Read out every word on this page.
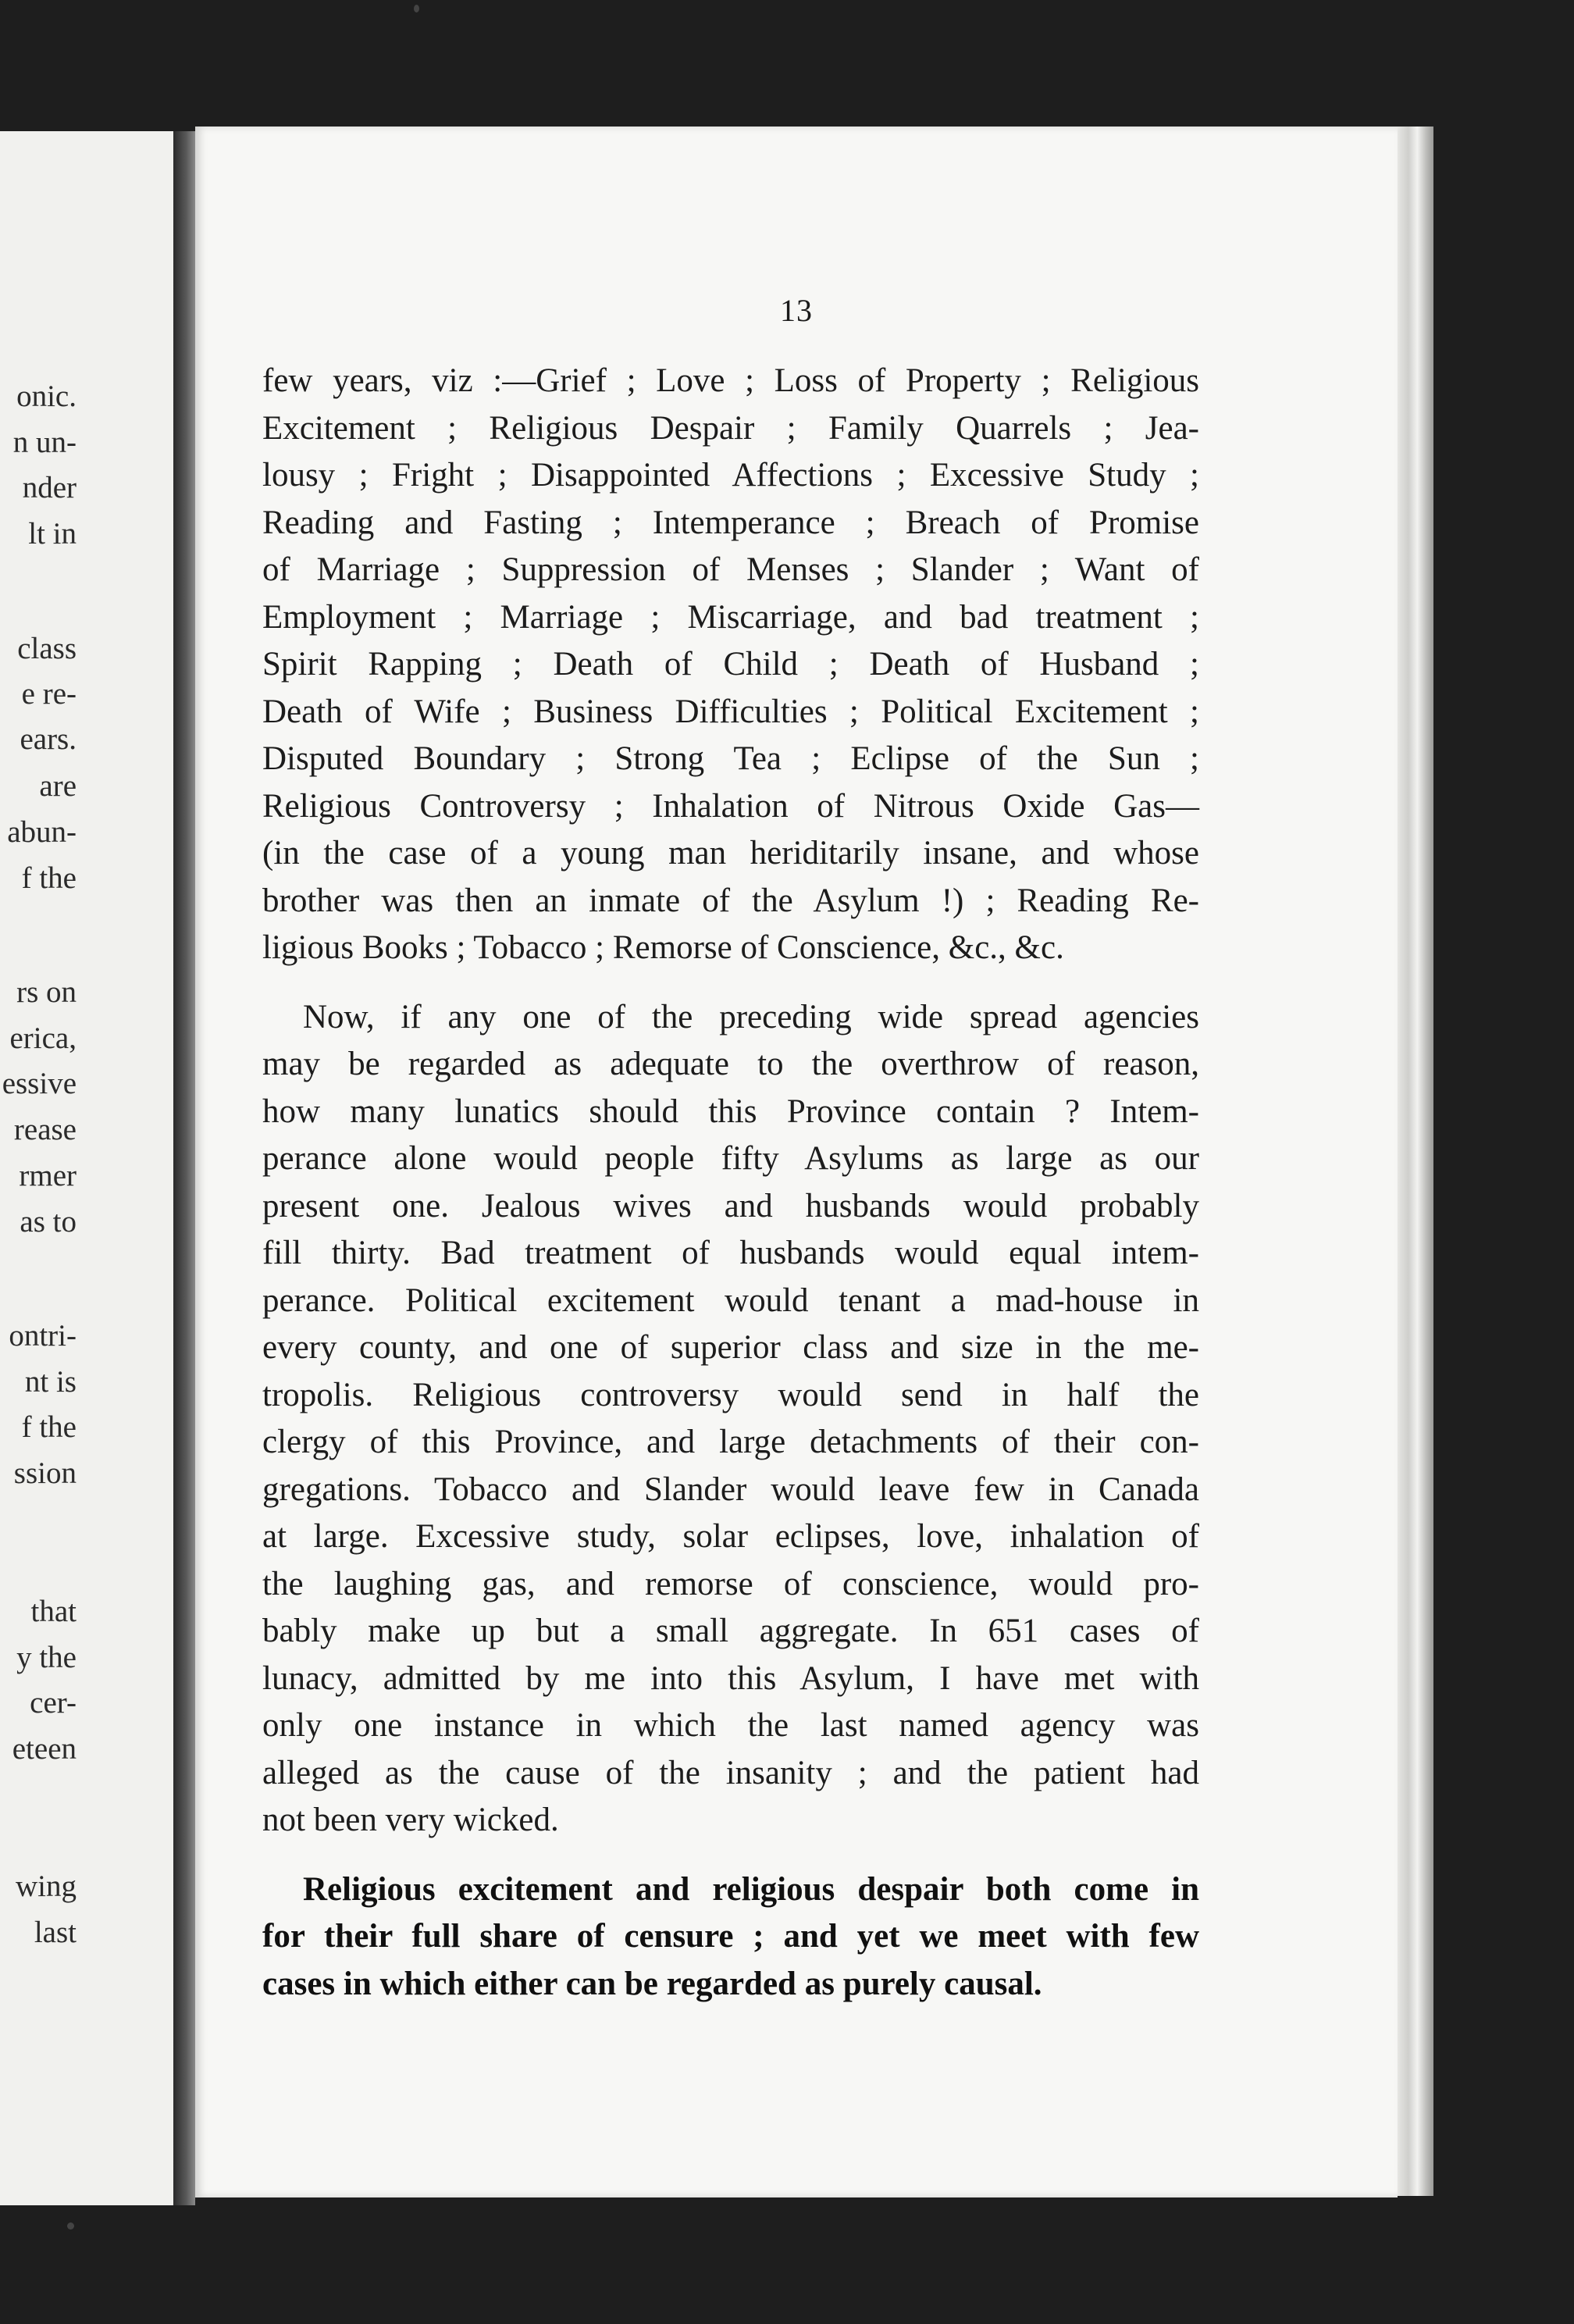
onic.
n un-
nder
lt in
class
e re-
ears.
are
abun-
f the
rs on
erica,
essive
rease
rmer
as to
ontri-
nt is
f the
ssion
that
y the
cer-
eteen
wing
last
13
few years, viz :—Grief ; Love ; Loss of Property ; Religious
Excitement ; Religious Despair ; Family Quarrels ; Jea-
lousy ; Fright ; Disappointed Affections ; Excessive Study ;
Reading and Fasting ; Intemperance ; Breach of Promise
of Marriage ; Suppression of Menses ; Slander ; Want of
Employment ; Marriage ; Miscarriage, and bad treatment ;
Spirit Rapping ; Death of Child ; Death of Husband ;
Death of Wife ; Business Difficulties ; Political Excitement ;
Disputed Boundary ; Strong Tea ; Eclipse of the Sun ;
Religious Controversy ; Inhalation of Nitrous Oxide Gas—
(in the case of a young man heriditarily insane, and whose
brother was then an inmate of the Asylum !) ; Reading Re-
ligious Books ; Tobacco ; Remorse of Conscience, &c., &c.
Now, if any one of the preceding wide spread agencies
may be regarded as adequate to the overthrow of reason,
how many lunatics should this Province contain ? Intem-
perance alone would people fifty Asylums as large as our
present one. Jealous wives and husbands would probably
fill thirty. Bad treatment of husbands would equal intem-
perance. Political excitement would tenant a mad-house in
every county, and one of superior class and size in the me-
tropolis. Religious controversy would send in half the
clergy of this Province, and large detachments of their con-
gregations. Tobacco and Slander would leave few in Canada
at large. Excessive study, solar eclipses, love, inhalation of
the laughing gas, and remorse of conscience, would pro-
bably make up but a small aggregate. In 651 cases of
lunacy, admitted by me into this Asylum, I have met with
only one instance in which the last named agency was
alleged as the cause of the insanity ; and the patient had
not been very wicked.
Religious excitement and religious despair both come in
for their full share of censure ; and yet we meet with few
cases in which either can be regarded as purely causal.
